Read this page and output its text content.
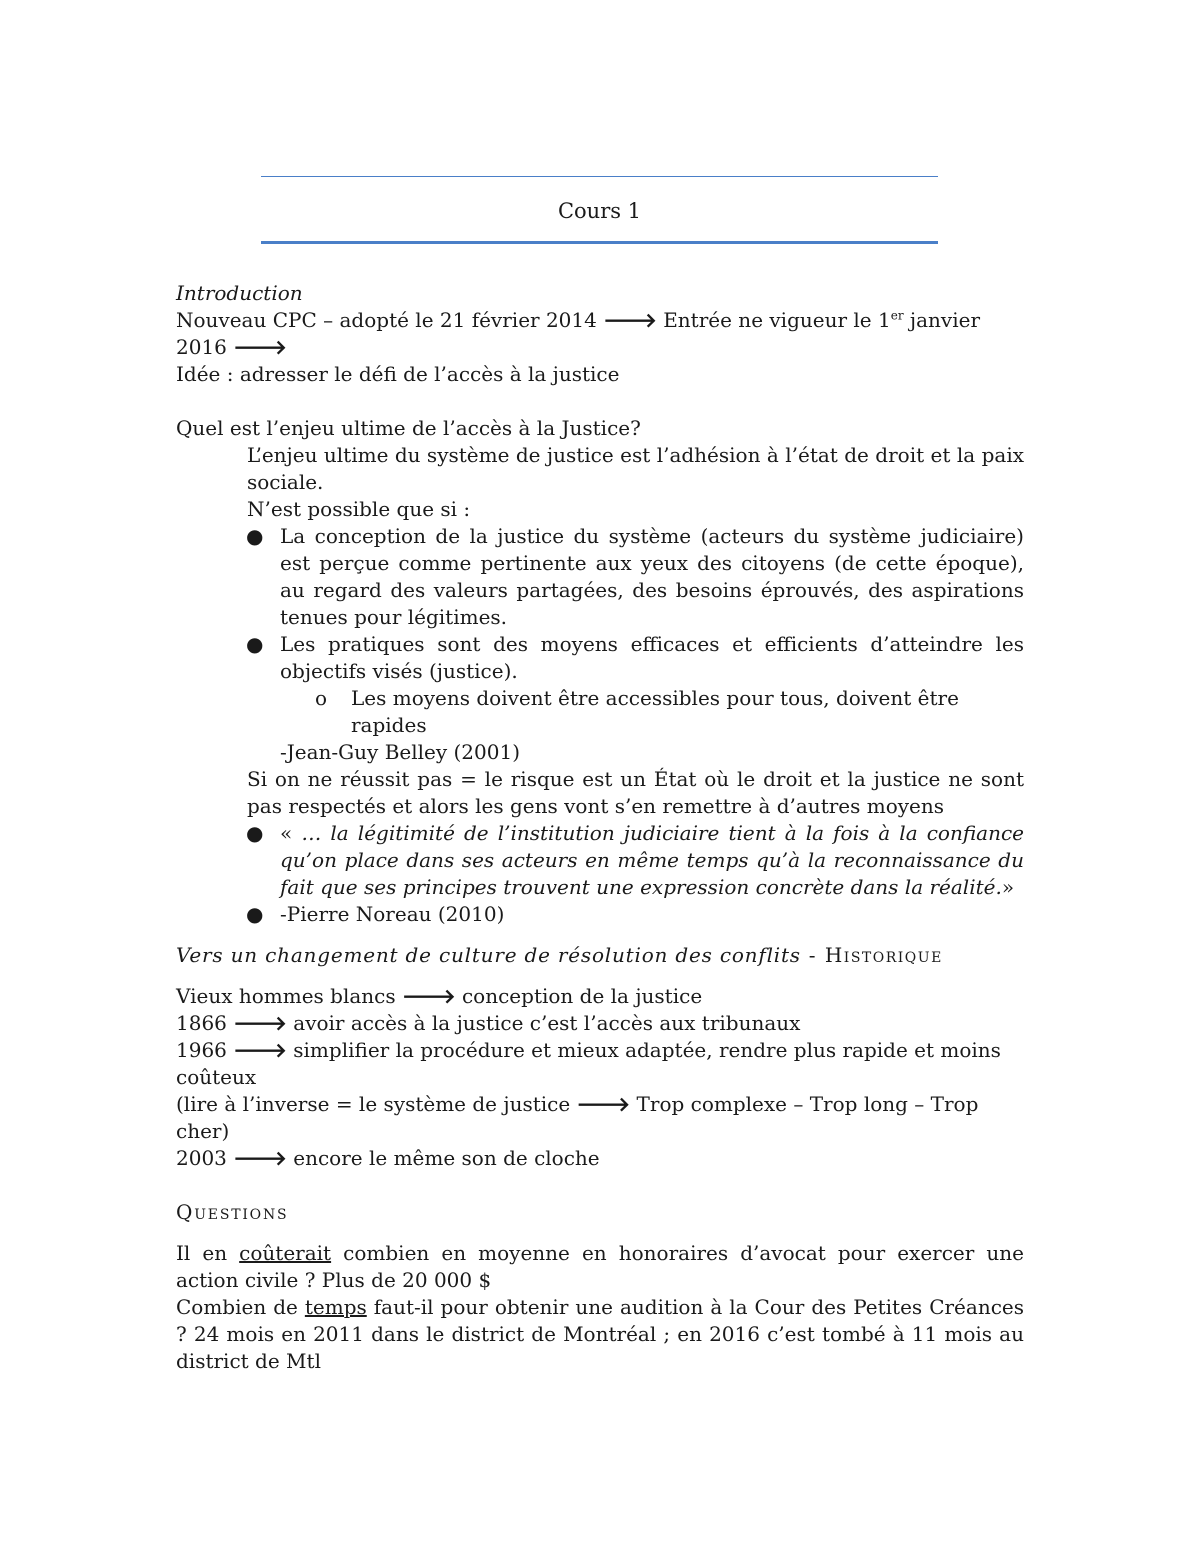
Cours 1

Introduction

Nouveau CPC – adopté le 21 février 2014 🡒 Entrée ne vigueur le 1er janvier 2016 🡒

Idée : adresser le défi de l’accès à la justice

Quel est l’enjeu ultime de l’accès à la Justice?

L’enjeu ultime du système de justice est l’adhésion à l’état de droit et la paix sociale.

N’est possible que si :

● La conception de la justice du système (acteurs du système judiciaire) est perçue comme pertinente aux yeux des citoyens (de cette époque), au regard des valeurs partagées, des besoins éprouvés, des aspirations tenues pour légitimes.

● Les pratiques sont des moyens efficaces et efficients d’atteindre les objectifs visés (justice).

o Les moyens doivent être accessibles pour tous, doivent être rapides

-Jean-Guy Belley (2001)

Si on ne réussit pas = le risque est un État où le droit et la justice ne sont pas respectés et alors les gens vont s’en remettre à d’autres moyens

● « … la légitimité de l’institution judiciaire tient à la fois à la confiance qu’on place dans ses acteurs en même temps qu’à la reconnaissance du fait que ses principes trouvent une expression concrète dans la réalité.»

● -Pierre Noreau (2010)

Vers un changement de culture de résolution des conflits - Historique

Vieux hommes blancs 🡒 conception de la justice

1866 🡒 avoir accès à la justice c’est l’accès aux tribunaux

1966 🡒 simplifier la procédure et mieux adaptée, rendre plus rapide et moins coûteux

(lire à l’inverse = le système de justice 🡒 Trop complexe – Trop long – Trop cher)

2003 🡒 encore le même son de cloche

Questions

Il en coûterait combien en moyenne en honoraires d’avocat pour exercer une action civile ? Plus de 20 000 $

Combien de temps faut-il pour obtenir une audition à la Cour des Petites Créances ? 24 mois en 2011 dans le district de Montréal ; en 2016 c’est tombé à 11 mois au district de Mtl
